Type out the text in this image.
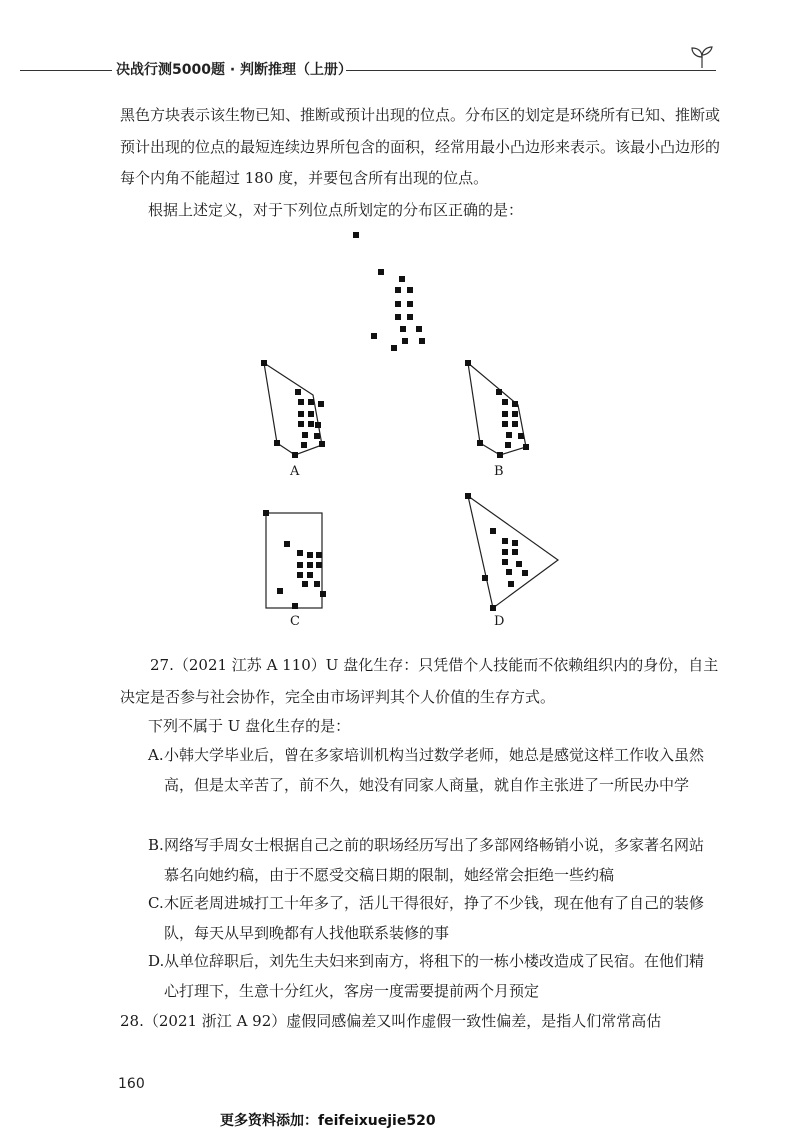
决战行测5000题 · 判断推理（上册）

黑色方块表示该生物已知、推断或预计出现的位点。分布区的划定是环绕所有已知、推断或预计出现的位点的最短连续边界所包含的面积，经常用最小凸边形来表示。该最小凸边形的每个内角不能超过 180 度，并要包含所有出现的位点。

根据上述定义，对于下列位点所划定的分布区正确的是：

A	B
C	D

27.（2021 江苏 A 110）U 盘化生存：只凭借个人技能而不依赖组织内的身份，自主决定是否参与社会协作，完全由市场评判其个人价值的生存方式。

下列不属于 U 盘化生存的是：

A. 小韩大学毕业后，曾在多家培训机构当过数学老师，她总是感觉这样工作收入虽然高，但是太辛苦了，前不久，她没有同家人商量，就自作主张进了一所民办中学
B. 网络写手周女士根据自己之前的职场经历写出了多部网络畅销小说，多家著名网站慕名向她约稿，由于不愿受交稿日期的限制，她经常会拒绝一些约稿
C. 木匠老周进城打工十年多了，活儿干得很好，挣了不少钱，现在他有了自己的装修队，每天从早到晚都有人找他联系装修的事
D. 从单位辞职后，刘先生夫妇来到南方，将租下的一栋小楼改造成了民宿。在他们精心打理下，生意十分红火，客房一度需要提前两个月预定

28.（2021 浙江 A 92）虚假同感偏差又叫作虚假一致性偏差，是指人们常常高估

160
更多资料添加：feifeixuejie520
